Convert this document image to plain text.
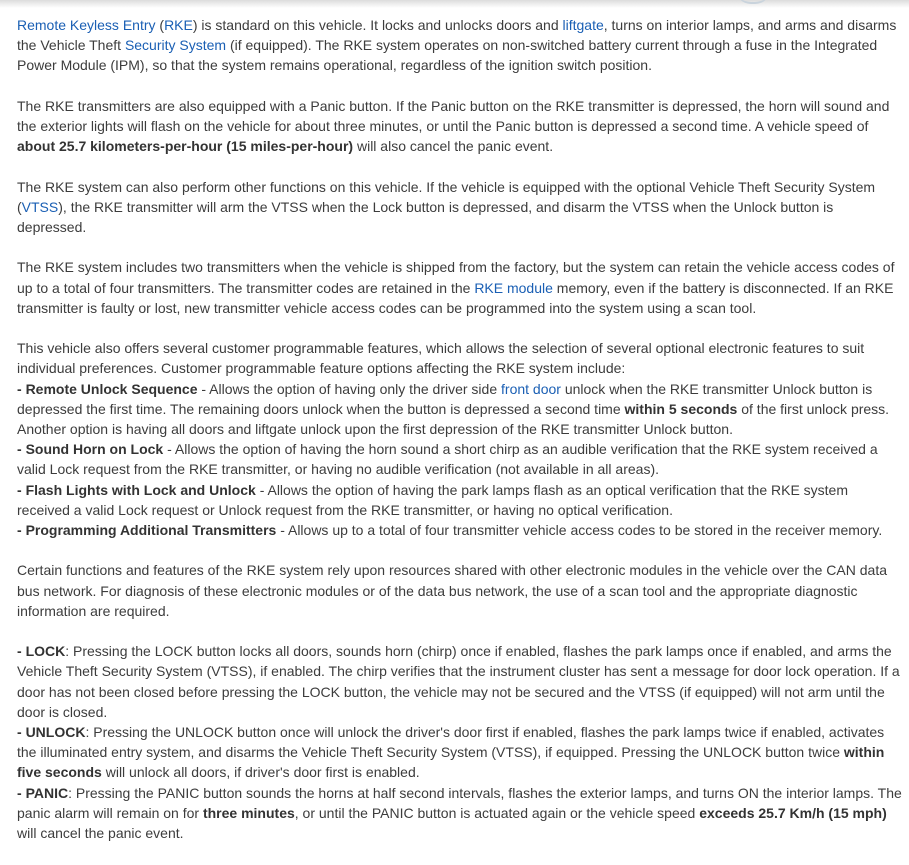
Remote Keyless Entry (RKE) is standard on this vehicle. It locks and unlocks doors and liftgate, turns on interior lamps, and arms and disarms the Vehicle Theft Security System (if equipped). The RKE system operates on non-switched battery current through a fuse in the Integrated Power Module (IPM), so that the system remains operational, regardless of the ignition switch position.

The RKE transmitters are also equipped with a Panic button. If the Panic button on the RKE transmitter is depressed, the horn will sound and the exterior lights will flash on the vehicle for about three minutes, or until the Panic button is depressed a second time. A vehicle speed of about 25.7 kilometers-per-hour (15 miles-per-hour) will also cancel the panic event.

The RKE system can also perform other functions on this vehicle. If the vehicle is equipped with the optional Vehicle Theft Security System (VTSS), the RKE transmitter will arm the VTSS when the Lock button is depressed, and disarm the VTSS when the Unlock button is depressed.

The RKE system includes two transmitters when the vehicle is shipped from the factory, but the system can retain the vehicle access codes of up to a total of four transmitters. The transmitter codes are retained in the RKE module memory, even if the battery is disconnected. If an RKE transmitter is faulty or lost, new transmitter vehicle access codes can be programmed into the system using a scan tool.

This vehicle also offers several customer programmable features, which allows the selection of several optional electronic features to suit individual preferences. Customer programmable feature options affecting the RKE system include:
- Remote Unlock Sequence - Allows the option of having only the driver side front door unlock when the RKE transmitter Unlock button is depressed the first time. The remaining doors unlock when the button is depressed a second time within 5 seconds of the first unlock press. Another option is having all doors and liftgate unlock upon the first depression of the RKE transmitter Unlock button.
- Sound Horn on Lock - Allows the option of having the horn sound a short chirp as an audible verification that the RKE system received a valid Lock request from the RKE transmitter, or having no audible verification (not available in all areas).
- Flash Lights with Lock and Unlock - Allows the option of having the park lamps flash as an optical verification that the RKE system received a valid Lock request or Unlock request from the RKE transmitter, or having no optical verification.
- Programming Additional Transmitters - Allows up to a total of four transmitter vehicle access codes to be stored in the receiver memory.

Certain functions and features of the RKE system rely upon resources shared with other electronic modules in the vehicle over the CAN data bus network. For diagnosis of these electronic modules or of the data bus network, the use of a scan tool and the appropriate diagnostic information are required.

- LOCK: Pressing the LOCK button locks all doors, sounds horn (chirp) once if enabled, flashes the park lamps once if enabled, and arms the Vehicle Theft Security System (VTSS), if enabled. The chirp verifies that the instrument cluster has sent a message for door lock operation. If a door has not been closed before pressing the LOCK button, the vehicle may not be secured and the VTSS (if equipped) will not arm until the door is closed.
- UNLOCK: Pressing the UNLOCK button once will unlock the driver's door first if enabled, flashes the park lamps twice if enabled, activates the illuminated entry system, and disarms the Vehicle Theft Security System (VTSS), if equipped. Pressing the UNLOCK button twice within five seconds will unlock all doors, if driver's door first is enabled.
- PANIC: Pressing the PANIC button sounds the horns at half second intervals, flashes the exterior lamps, and turns ON the interior lamps. The panic alarm will remain on for three minutes, or until the PANIC button is actuated again or the vehicle speed exceeds 25.7 Km/h (15 mph) will cancel the panic event.
